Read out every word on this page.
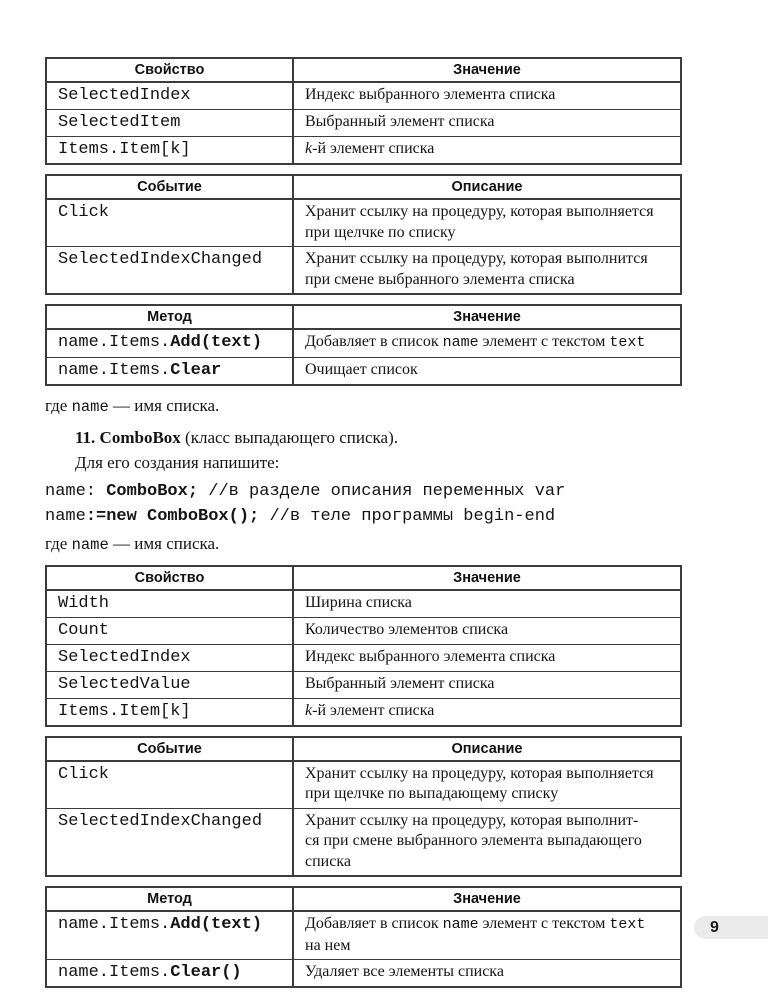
Свойство	Значение
SelectedIndex	Индекс выбранного элемента списка
SelectedItem	Выбранный элемент списка
Items.Item[k]	k-й элемент списка
Событие	Описание
Click	Хранит ссылку на процедуру, которая выполняется
при щелчке по списку
SelectedIndexChanged	Хранит ссылку на процедуру, которая выполнится
при смене выбранного элемента списка
Метод	Значение
name.Items.Add(text)	Добавляет в список name элемент с текстом text
name.Items.Clear	Очищает список

где name — имя списка.

11. ComboBox (класс выпадающего списка).

Для его создания напишите:

name: ComboBox; //в разделе описания переменных var
name:=new ComboBox(); //в теле программы begin-end

где name — имя списка.

Свойство	Значение
Width	Ширина списка
Count	Количество элементов списка
SelectedIndex	Индекс выбранного элемента списка
SelectedValue	Выбранный элемент списка
Items.Item[k]	k-й элемент списка
Событие	Описание
Click	Хранит ссылку на процедуру, которая выполняется
при щелчке по выпадающему списку
SelectedIndexChanged	Хранит ссылку на процедуру, которая выполнит-
ся при смене выбранного элемента выпадающего
списка
Метод	Значение
name.Items.Add(text)	Добавляет в список name элемент с текстом text
на нем
name.Items.Clear()	Удаляет все элементы списка
9
